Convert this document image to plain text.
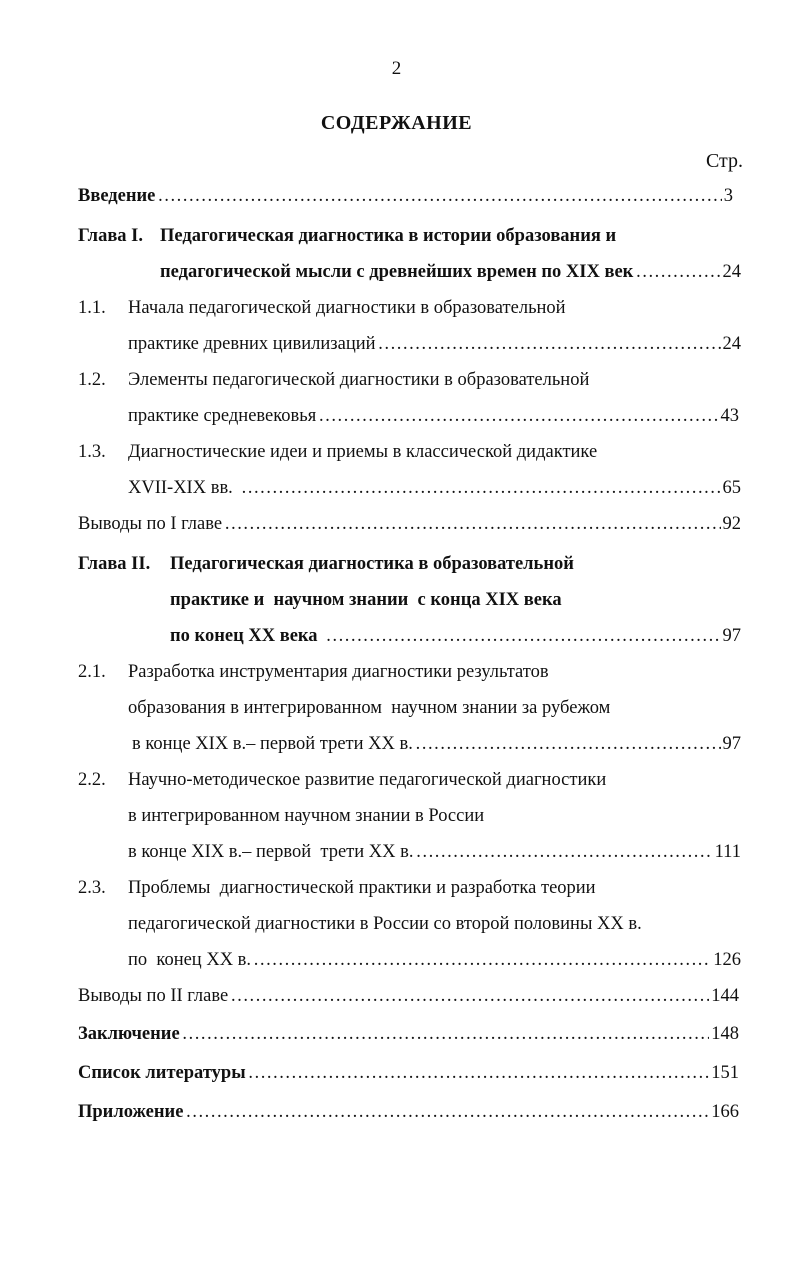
2
СОДЕРЖАНИЕ
Стр.
Введение …………………………………………………………………………………………………………………………………………………………………………………………	3
Глава I. Педагогическая диагностика в истории образования и
педагогической мысли с древнейших времен по XIX век …………………………………………………………………………………………………………………………………………………………………………………………	24
1.1.	Начала педагогической диагностики в образовательной
практике древних цивилизаций …………………………………………………………………………………………………………………………………………………………………………………………	24
1.2.	Элементы педагогической диагностики в образовательной
практике средневековья …………………………………………………………………………………………………………………………………………………………………………………………	43
1.3.	Диагностические идеи и приемы в классической дидактике
XVII-XIX вв. …………………………………………………………………………………………………………………………………………………………………………………………	65
Выводы по I главе …………………………………………………………………………………………………………………………………………………………………………………………	92
Глава II.	Педагогическая диагностика в образовательной
практике и  научном знании  с конца XIX века
по конец XX века …………………………………………………………………………………………………………………………………………………………………………………………	97
2.1.	Разработка инструментария диагностики результатов
образования в интегрированном  научном знании за рубежом
в конце XIX в.– первой трети XX в. …………………………………………………………………………………………………………………………………………………………………………………………	97
2.2.	Научно-методическое развитие педагогической диагностики
в интегрированном научном знании в России
в конце XIX в.– первой  трети XX в. …………………………………………………………………………………………………………………………………………………………………………………………	111
2.3.	Проблемы  диагностической практики и разработка теории
педагогической диагностики в России со второй половины XX в.
по  конец XX в. …………………………………………………………………………………………………………………………………………………………………………………………	126
Выводы по II главе …………………………………………………………………………………………………………………………………………………………………………………………	144
Заключение …………………………………………………………………………………………………………………………………………………………………………………………	148
Список литературы …………………………………………………………………………………………………………………………………………………………………………………………	151
Приложение …………………………………………………………………………………………………………………………………………………………………………………………	166
